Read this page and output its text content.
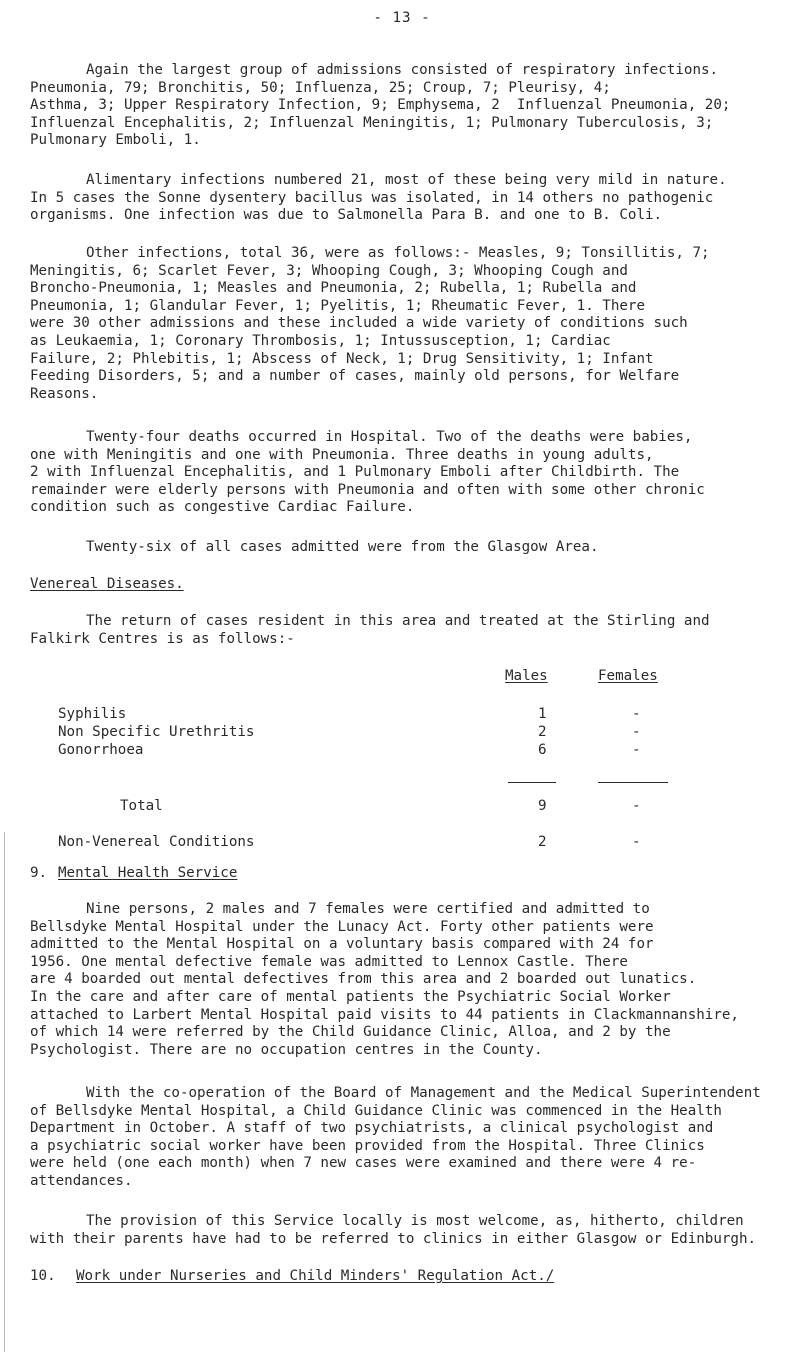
- 13 -
Again the largest group of admissions consisted of respiratory infections.
Pneumonia, 79; Bronchitis, 50; Influenza, 25; Croup, 7; Pleurisy, 4;
Asthma, 3; Upper Respiratory Infection, 9; Emphysema, 2  Influenzal Pneumonia, 20;
Influenzal Encephalitis, 2; Influenzal Meningitis, 1; Pulmonary Tuberculosis, 3;
Pulmonary Emboli, 1.
Alimentary infections numbered 21, most of these being very mild in nature.
In 5 cases the Sonne dysentery bacillus was isolated, in 14 others no pathogenic
organisms. One infection was due to Salmonella Para B. and one to B. Coli.
Other infections, total 36, were as follows:- Measles, 9; Tonsillitis, 7;
Meningitis, 6; Scarlet Fever, 3; Whooping Cough, 3; Whooping Cough and
Broncho-Pneumonia, 1; Measles and Pneumonia, 2; Rubella, 1; Rubella and
Pneumonia, 1; Glandular Fever, 1; Pyelitis, 1; Rheumatic Fever, 1. There
were 30 other admissions and these included a wide variety of conditions such
as Leukaemia, 1; Coronary Thrombosis, 1; Intussusception, 1; Cardiac
Failure, 2; Phlebitis, 1; Abscess of Neck, 1; Drug Sensitivity, 1; Infant
Feeding Disorders, 5; and a number of cases, mainly old persons, for Welfare
Reasons.
Twenty-four deaths occurred in Hospital. Two of the deaths were babies,
one with Meningitis and one with Pneumonia. Three deaths in young adults,
2 with Influenzal Encephalitis, and 1 Pulmonary Emboli after Childbirth. The
remainder were elderly persons with Pneumonia and often with some other chronic
condition such as congestive Cardiac Failure.
Twenty-six of all cases admitted were from the Glasgow Area.
Venereal Diseases.
The return of cases resident in this area and treated at the Stirling and
Falkirk Centres is as follows:-
Males	Females
Syphilis	1	-
Non Specific Urethritis	2	-
Gonorrhoea	6	-
Total	9	-
Non-Venereal Conditions	2	-
9. Mental Health Service
Nine persons, 2 males and 7 females were certified and admitted to
Bellsdyke Mental Hospital under the Lunacy Act. Forty other patients were
admitted to the Mental Hospital on a voluntary basis compared with 24 for
1956. One mental defective female was admitted to Lennox Castle. There
are 4 boarded out mental defectives from this area and 2 boarded out lunatics.
In the care and after care of mental patients the Psychiatric Social Worker
attached to Larbert Mental Hospital paid visits to 44 patients in Clackmannanshire,
of which 14 were referred by the Child Guidance Clinic, Alloa, and 2 by the
Psychologist. There are no occupation centres in the County.
With the co-operation of the Board of Management and the Medical Superintendent
of Bellsdyke Mental Hospital, a Child Guidance Clinic was commenced in the Health
Department in October. A staff of two psychiatrists, a clinical psychologist and
a psychiatric social worker have been provided from the Hospital. Three Clinics
were held (one each month) when 7 new cases were examined and there were 4 re-
attendances.
The provision of this Service locally is most welcome, as, hitherto, children
with their parents have had to be referred to clinics in either Glasgow or Edinburgh.
10. Work under Nurseries and Child Minders' Regulation Act./
